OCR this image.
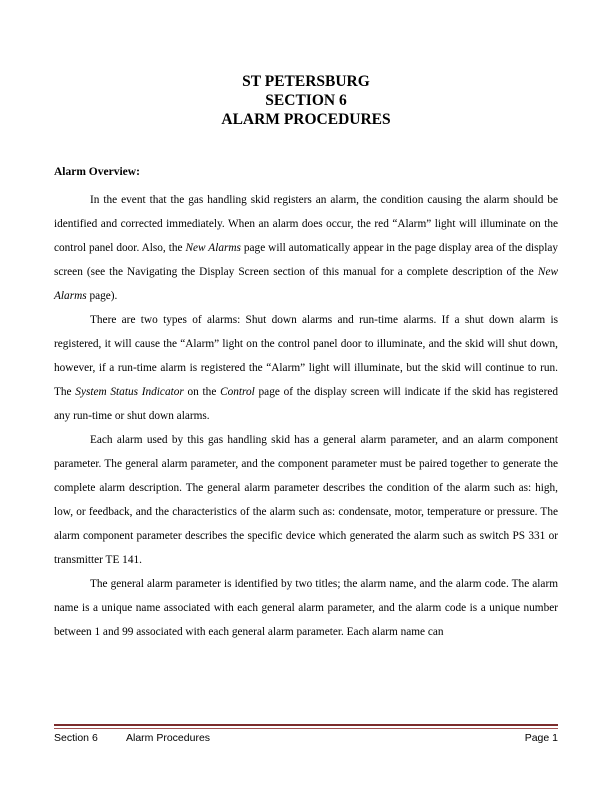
ST PETERSBURG
SECTION 6
ALARM PROCEDURES
Alarm Overview:

In the event that the gas handling skid registers an alarm, the condition causing the alarm should be identified and corrected immediately. When an alarm does occur, the red “Alarm” light will illuminate on the control panel door. Also, the New Alarms page will automatically appear in the page display area of the display screen (see the Navigating the Display Screen section of this manual for a complete description of the New Alarms page).

There are two types of alarms: Shut down alarms and run-time alarms. If a shut down alarm is registered, it will cause the “Alarm” light on the control panel door to illuminate, and the skid will shut down, however, if a run-time alarm is registered the “Alarm” light will illuminate, but the skid will continue to run. The System Status Indicator on the Control page of the display screen will indicate if the skid has registered any run-time or shut down alarms.

Each alarm used by this gas handling skid has a general alarm parameter, and an alarm component parameter. The general alarm parameter, and the component parameter must be paired together to generate the complete alarm description. The general alarm parameter describes the condition of the alarm such as: high, low, or feedback, and the characteristics of the alarm such as: condensate, motor, temperature or pressure. The alarm component parameter describes the specific device which generated the alarm such as switch PS 331 or transmitter TE 141.

The general alarm parameter is identified by two titles; the alarm name, and the alarm code. The alarm name is a unique name associated with each general alarm parameter, and the alarm code is a unique number between 1 and 99 associated with each general alarm parameter. Each alarm name can

Section 6	Alarm Procedures	Page 1
